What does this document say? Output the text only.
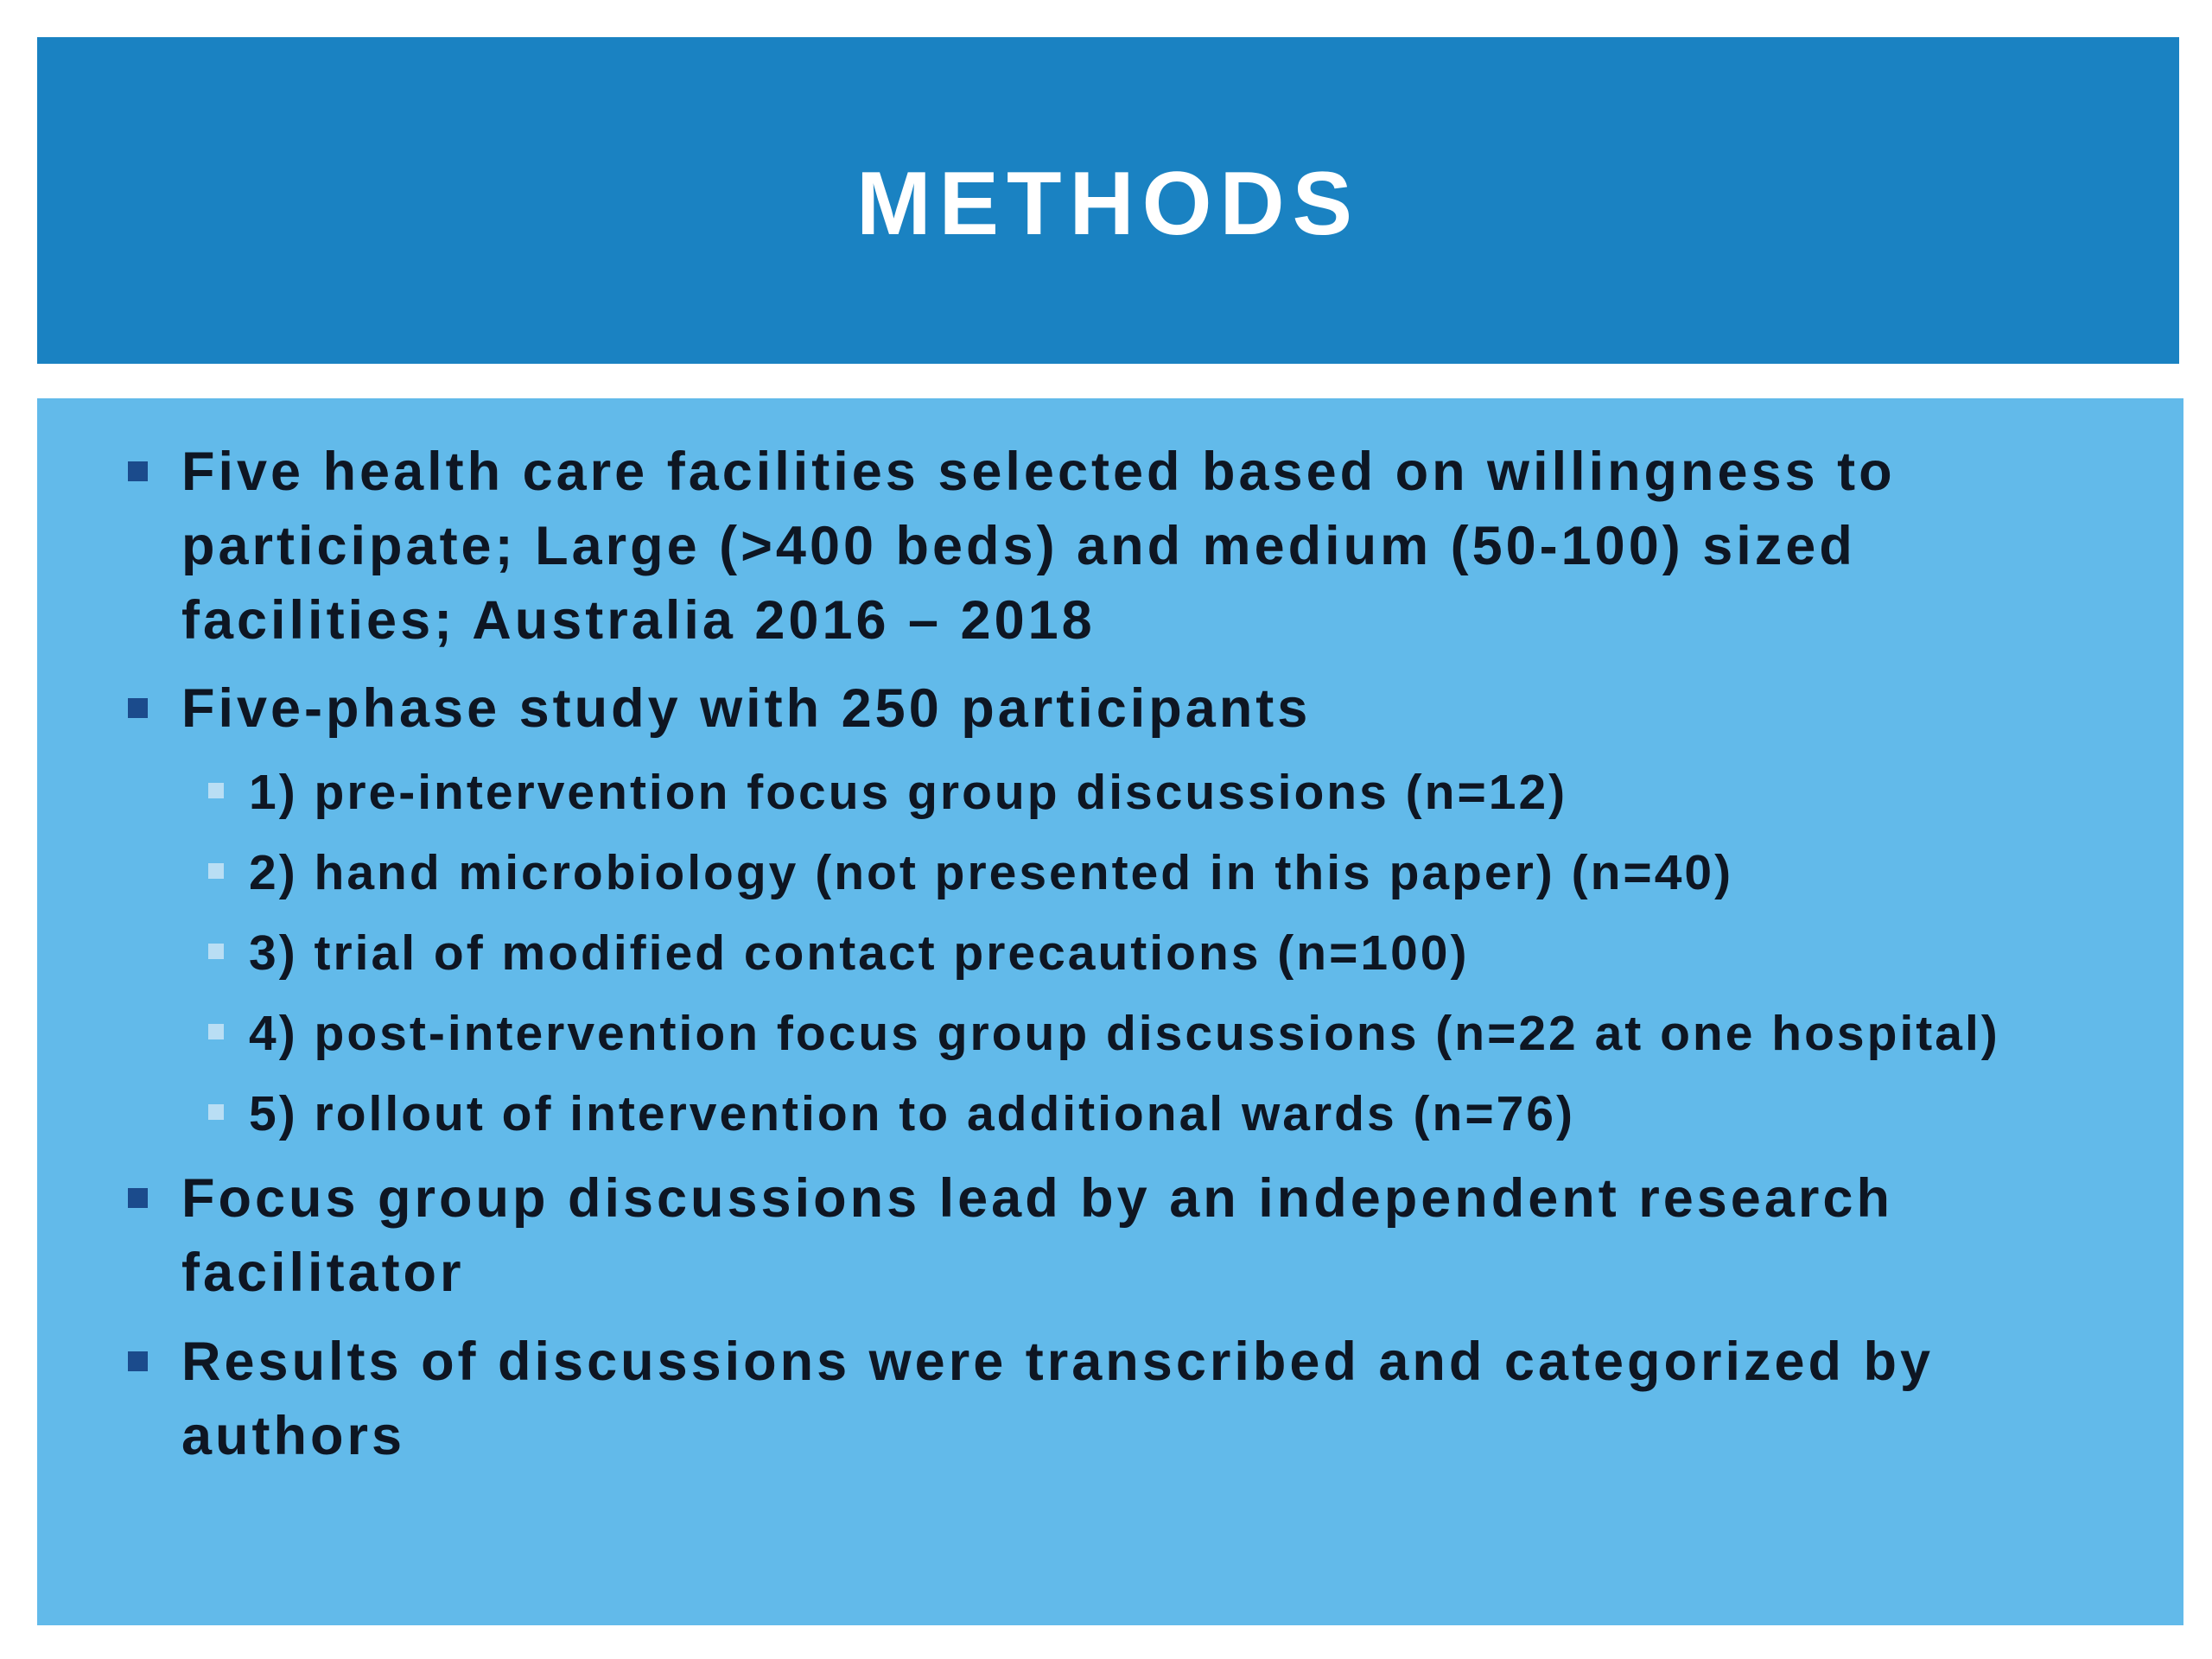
METHODS
Five health care facilities selected based on willingness to participate; Large (>400 beds) and medium (50-100) sized facilities; Australia 2016 – 2018
Five-phase study with 250 participants
1) pre-intervention focus group discussions (n=12)
2) hand microbiology (not presented in this paper) (n=40)
3) trial of modified contact precautions (n=100)
4) post-intervention focus group discussions (n=22 at one hospital)
5) rollout of intervention to additional wards (n=76)
Focus group discussions lead by an independent research facilitator
Results of discussions were transcribed and categorized by authors
